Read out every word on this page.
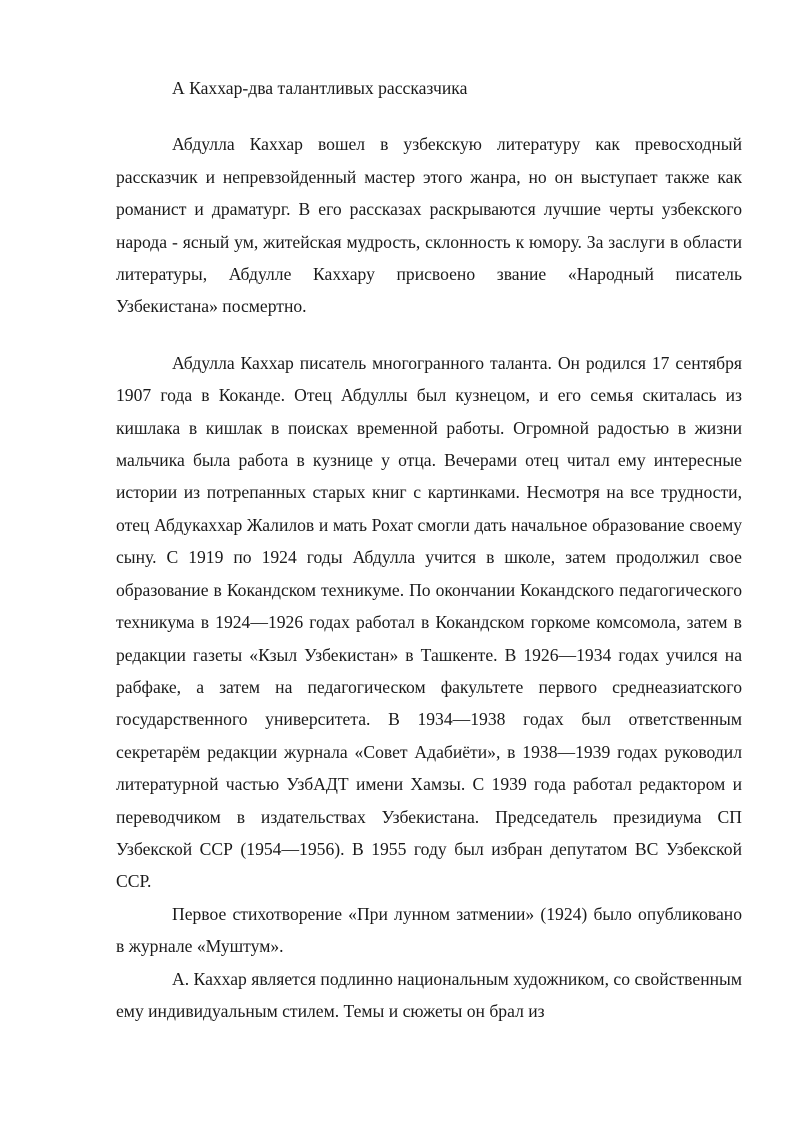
А Каххар-два талантливых рассказчика

Абдулла Каххар вошел в узбекскую литературу как превосходный рассказчик и непревзойденный мастер этого жанра, но он выступает также как романист и драматург. В его рассказах раскрываются лучшие черты узбекского народа - ясный ум, житейская мудрость, склонность к юмору. За заслуги в области литературы, Абдулле Каххару присвоено звание «Народный писатель Узбекистана» посмертно.

Абдулла Каххар писатель многогранного таланта. Он родился 17 сентября 1907 года в Коканде. Отец Абдуллы был кузнецом, и его семья скиталась из кишлака в кишлак в поисках временной работы. Огромной радостью в жизни мальчика была работа в кузнице у отца. Вечерами отец читал ему интересные истории из потрепанных старых книг с картинками. Несмотря на все трудности, отец Абдукаххар Жалилов и мать Рохат смогли дать начальное образование своему сыну. С 1919 по 1924 годы Абдулла учится в школе, затем продолжил свое образование в Кокандском техникуме. По окончании Кокандского педагогического техникума в 1924—1926 годах работал в Кокандском горкоме комсомола, затем в редакции газеты «Кзыл Узбекистан» в Ташкенте. В 1926—1934 годах учился на рабфаке, а затем на педагогическом факультете первого среднеазиатского государственного университета. В 1934—1938 годах был ответственным секретарём редакции журнала «Совет Адабиёти», в 1938—1939 годах руководил литературной частью УзбАДТ имени Хамзы. С 1939 года работал редактором и переводчиком в издательствах Узбекистана. Председатель президиума СП Узбекской ССР (1954—1956). В 1955 году был избран депутатом ВС Узбекской ССР.

Первое стихотворение «При лунном затмении» (1924) было опубликовано в журнале «Муштум».

А. Каххар является подлинно национальным художником, со свойственным ему индивидуальным стилем. Темы и сюжеты он брал из
